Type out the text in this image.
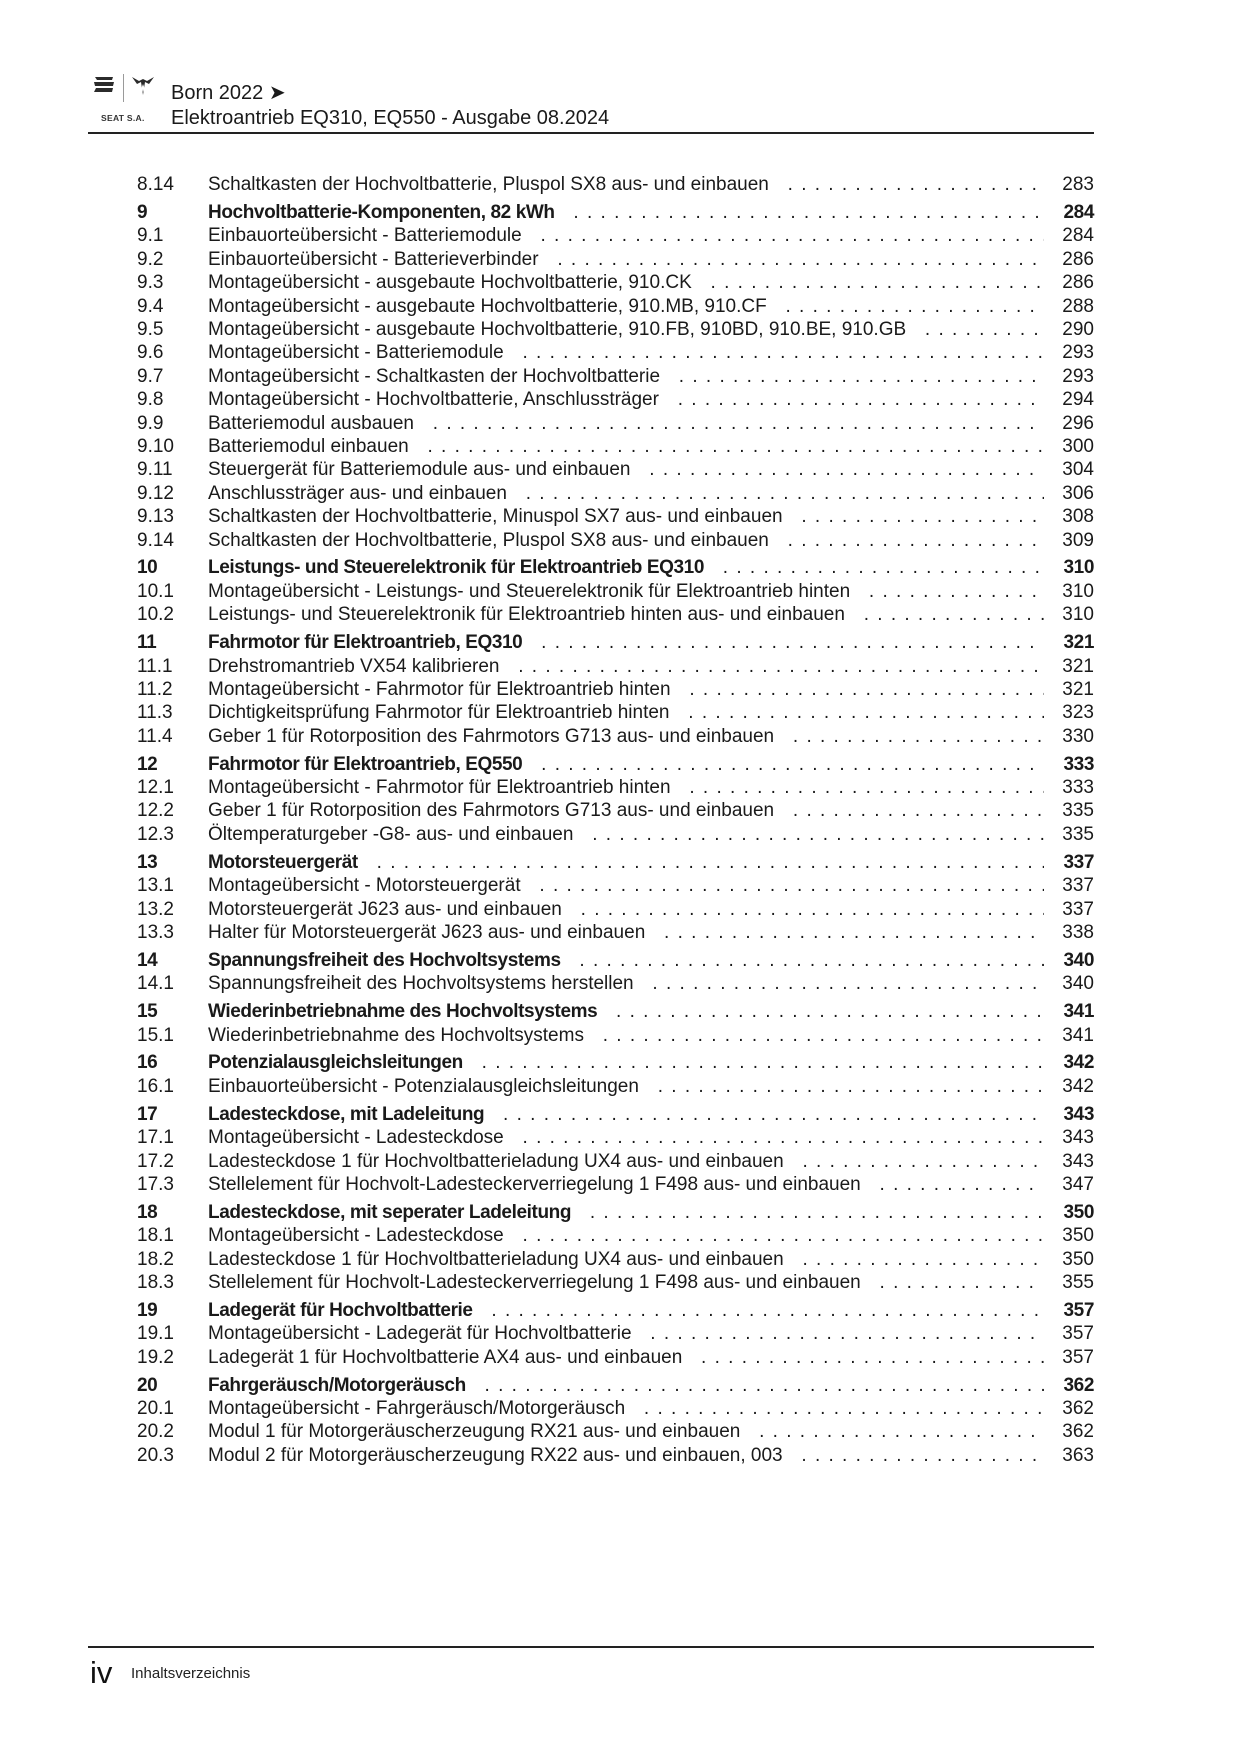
SEAT S.A.
Born 2022 ➤
Elektroantrieb EQ310, EQ550 - Ausgabe 08.2024
8.14 Schaltkasten der Hochvoltbatterie, Pluspol SX8 aus- und einbauen . . .	283
9	Hochvoltbatterie-Komponenten, 82 kWh . . .	284
9.1 Einbauorteübersicht - Batteriemodule . . .	284
9.2 Einbauorteübersicht - Batterieverbinder . . .	286
9.3 Montageübersicht - ausgebaute Hochvoltbatterie, 910.CK . . .	286
9.4 Montageübersicht - ausgebaute Hochvoltbatterie, 910.MB, 910.CF . . .	288
9.5 Montageübersicht - ausgebaute Hochvoltbatterie, 910.FB, 910BD, 910.BE, 910.GB . . .	290
9.6 Montageübersicht - Batteriemodule . . .	293
9.7 Montageübersicht - Schaltkasten der Hochvoltbatterie . . .	293
9.8 Montageübersicht - Hochvoltbatterie, Anschlussträger . . .	294
9.9 Batteriemodul ausbauen . . .	296
9.10 Batteriemodul einbauen . . .	300
9.11 Steuergerät für Batteriemodule aus- und einbauen . . .	304
9.12 Anschlussträger aus- und einbauen . . .	306
9.13 Schaltkasten der Hochvoltbatterie, Minuspol SX7 aus- und einbauen . . .	308
9.14 Schaltkasten der Hochvoltbatterie, Pluspol SX8 aus- und einbauen . . .	309
10	Leistungs- und Steuerelektronik für Elektroantrieb EQ310 . . .	310
10.1 Montageübersicht - Leistungs- und Steuerelektronik für Elektroantrieb hinten . . .	310
10.2 Leistungs- und Steuerelektronik für Elektroantrieb hinten aus- und einbauen . . .	310
11	Fahrmotor für Elektroantrieb, EQ310 . . .	321
11.1 Drehstromantrieb VX54 kalibrieren . . .	321
11.2 Montageübersicht - Fahrmotor für Elektroantrieb hinten . . .	321
11.3 Dichtigkeitsprüfung Fahrmotor für Elektroantrieb hinten . . .	323
11.4 Geber 1 für Rotorposition des Fahrmotors G713 aus- und einbauen . . .	330
12	Fahrmotor für Elektroantrieb, EQ550 . . .	333
12.1 Montageübersicht - Fahrmotor für Elektroantrieb hinten . . .	333
12.2 Geber 1 für Rotorposition des Fahrmotors G713 aus- und einbauen . . .	335
12.3 Öltemperaturgeber -G8- aus- und einbauen . . .	335
13	Motorsteuergerät . . .	337
13.1 Montageübersicht - Motorsteuergerät . . .	337
13.2 Motorsteuergerät J623 aus- und einbauen . . .	337
13.3 Halter für Motorsteuergerät J623 aus- und einbauen . . .	338
14	Spannungsfreiheit des Hochvoltsystems . . .	340
14.1 Spannungsfreiheit des Hochvoltsystems herstellen . . .	340
15	Wiederinbetriebnahme des Hochvoltsystems . . .	341
15.1 Wiederinbetriebnahme des Hochvoltsystems . . .	341
16	Potenzialausgleichsleitungen . . .	342
16.1 Einbauorteübersicht - Potenzialausgleichsleitungen . . .	342
17	Ladesteckdose, mit Ladeleitung . . .	343
17.1 Montageübersicht - Ladesteckdose . . .	343
17.2 Ladesteckdose 1 für Hochvoltbatterieladung UX4 aus- und einbauen . . .	343
17.3 Stellelement für Hochvolt-Ladesteckerverriegelung 1 F498 aus- und einbauen . . .	347
18	Ladesteckdose, mit seperater Ladeleitung . . .	350
18.1 Montageübersicht - Ladesteckdose . . .	350
18.2 Ladesteckdose 1 für Hochvoltbatterieladung UX4 aus- und einbauen . . .	350
18.3 Stellelement für Hochvolt-Ladesteckerverriegelung 1 F498 aus- und einbauen . . .	355
19	Ladegerät für Hochvoltbatterie . . .	357
19.1 Montageübersicht - Ladegerät für Hochvoltbatterie . . .	357
19.2 Ladegerät 1 für Hochvoltbatterie AX4 aus- und einbauen . . .	357
20	Fahrgeräusch/Motorgeräusch . . .	362
20.1 Montageübersicht - Fahrgeräusch/Motorgeräusch . . .	362
20.2 Modul 1 für Motorgeräuscherzeugung RX21 aus- und einbauen . . .	362
20.3 Modul 2 für Motorgeräuscherzeugung RX22 aus- und einbauen, 003 . . .	363
iv Inhaltsverzeichnis
